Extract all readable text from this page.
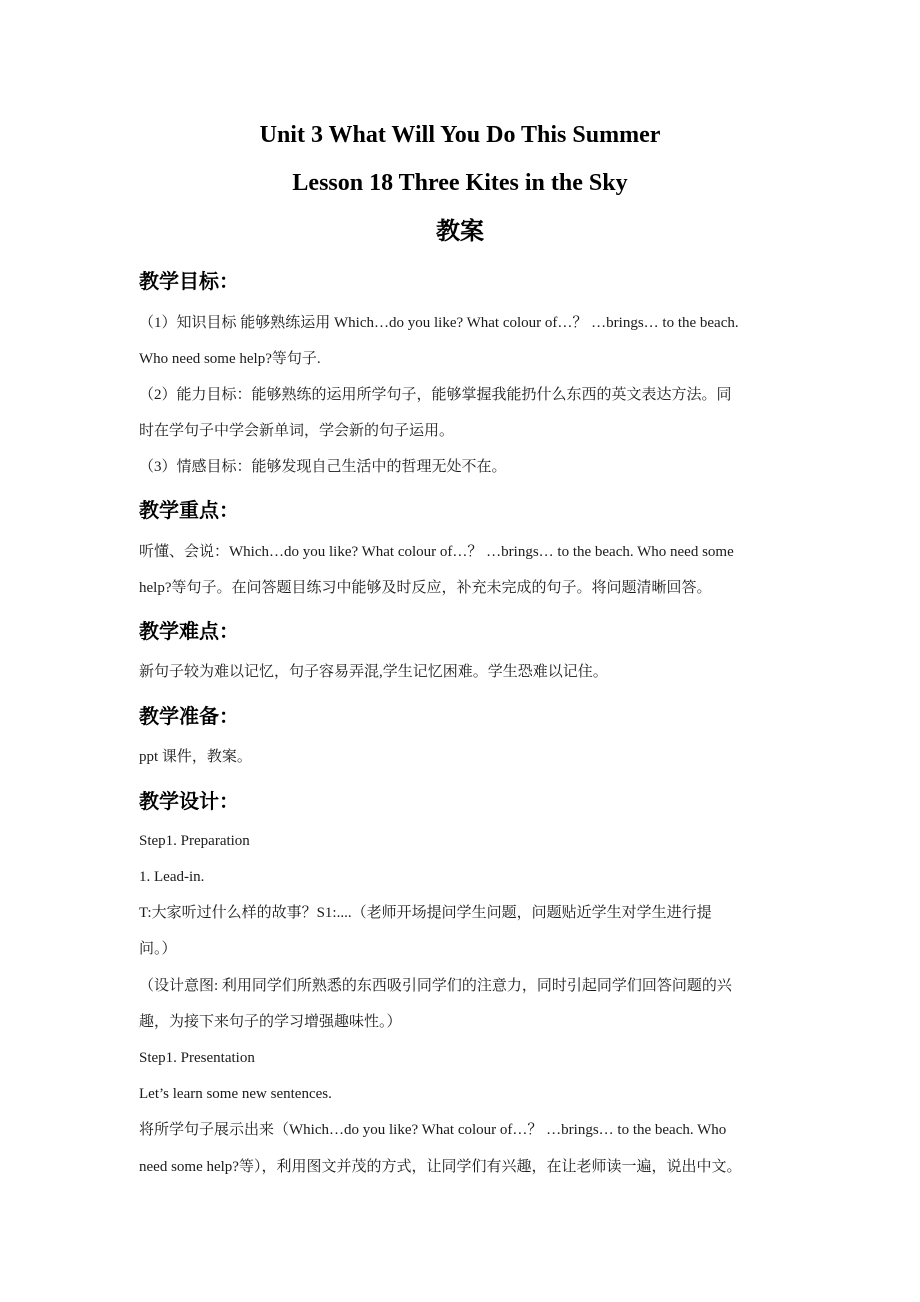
Unit 3 What Will You Do This Summer
Lesson 18 Three Kites in the Sky
教案
教学目标：
（1）知识目标 能够熟练运用 Which…do you like? What colour of…？ …brings… to the beach.
Who need some help?等句子.
（2）能力目标：能够熟练的运用所学句子，能够掌握我能扔什么东西的英文表达方法。同
时在学句子中学会新单词，学会新的句子运用。
（3）情感目标：能够发现自己生活中的哲理无处不在。
教学重点：
听懂、会说：Which…do you like? What colour of…？ …brings… to the beach. Who need some
help?等句子。在问答题目练习中能够及时反应，补充未完成的句子。将问题清晰回答。
教学难点：
新句子较为难以记忆，句子容易弄混,学生记忆困难。学生恐难以记住。
教学准备：
ppt 课件，教案。
教学设计：
Step1. Preparation
1. Lead-in.
T:大家听过什么样的故事？S1:....（老师开场提问学生问题，问题贴近学生对学生进行提
问。）
（设计意图: 利用同学们所熟悉的东西吸引同学们的注意力，同时引起同学们回答问题的兴
趣，为接下来句子的学习增强趣味性。）
Step1. Presentation
Let’s learn some new sentences.
将所学句子展示出来（Which…do you like? What colour of…？ …brings… to the beach. Who
need some help?等），利用图文并茂的方式，让同学们有兴趣，在让老师读一遍，说出中文。
